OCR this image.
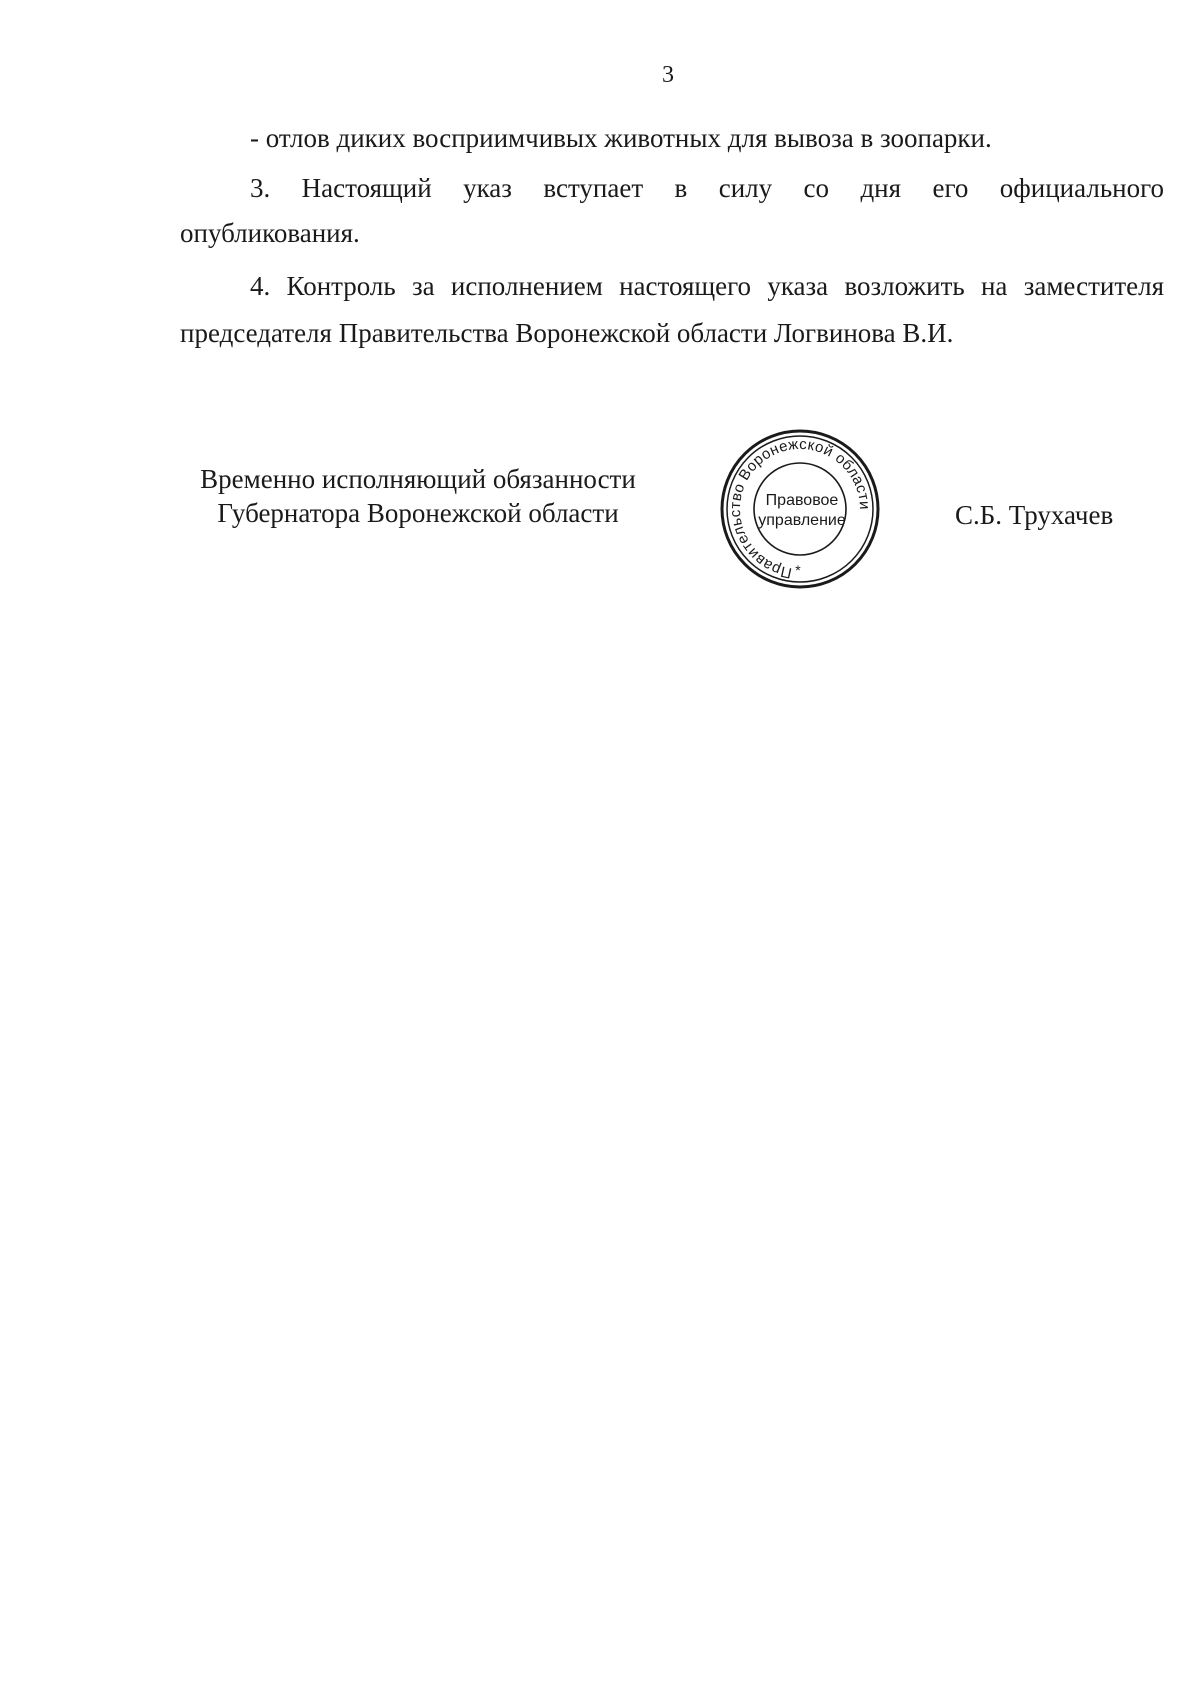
3
- отлов диких восприимчивых животных для вывоза в зоопарки.
3. Настоящий указ вступает в силу со дня его официального
опубликования.
4. Контроль за исполнением настоящего указа возложить на заместителя
председателя Правительства Воронежской области Логвинова В.И.
Временно исполняющий обязанности
Губернатора Воронежской области
Правительство Воронежской области
Правовое
управление
*
С.Б. Трухачев
